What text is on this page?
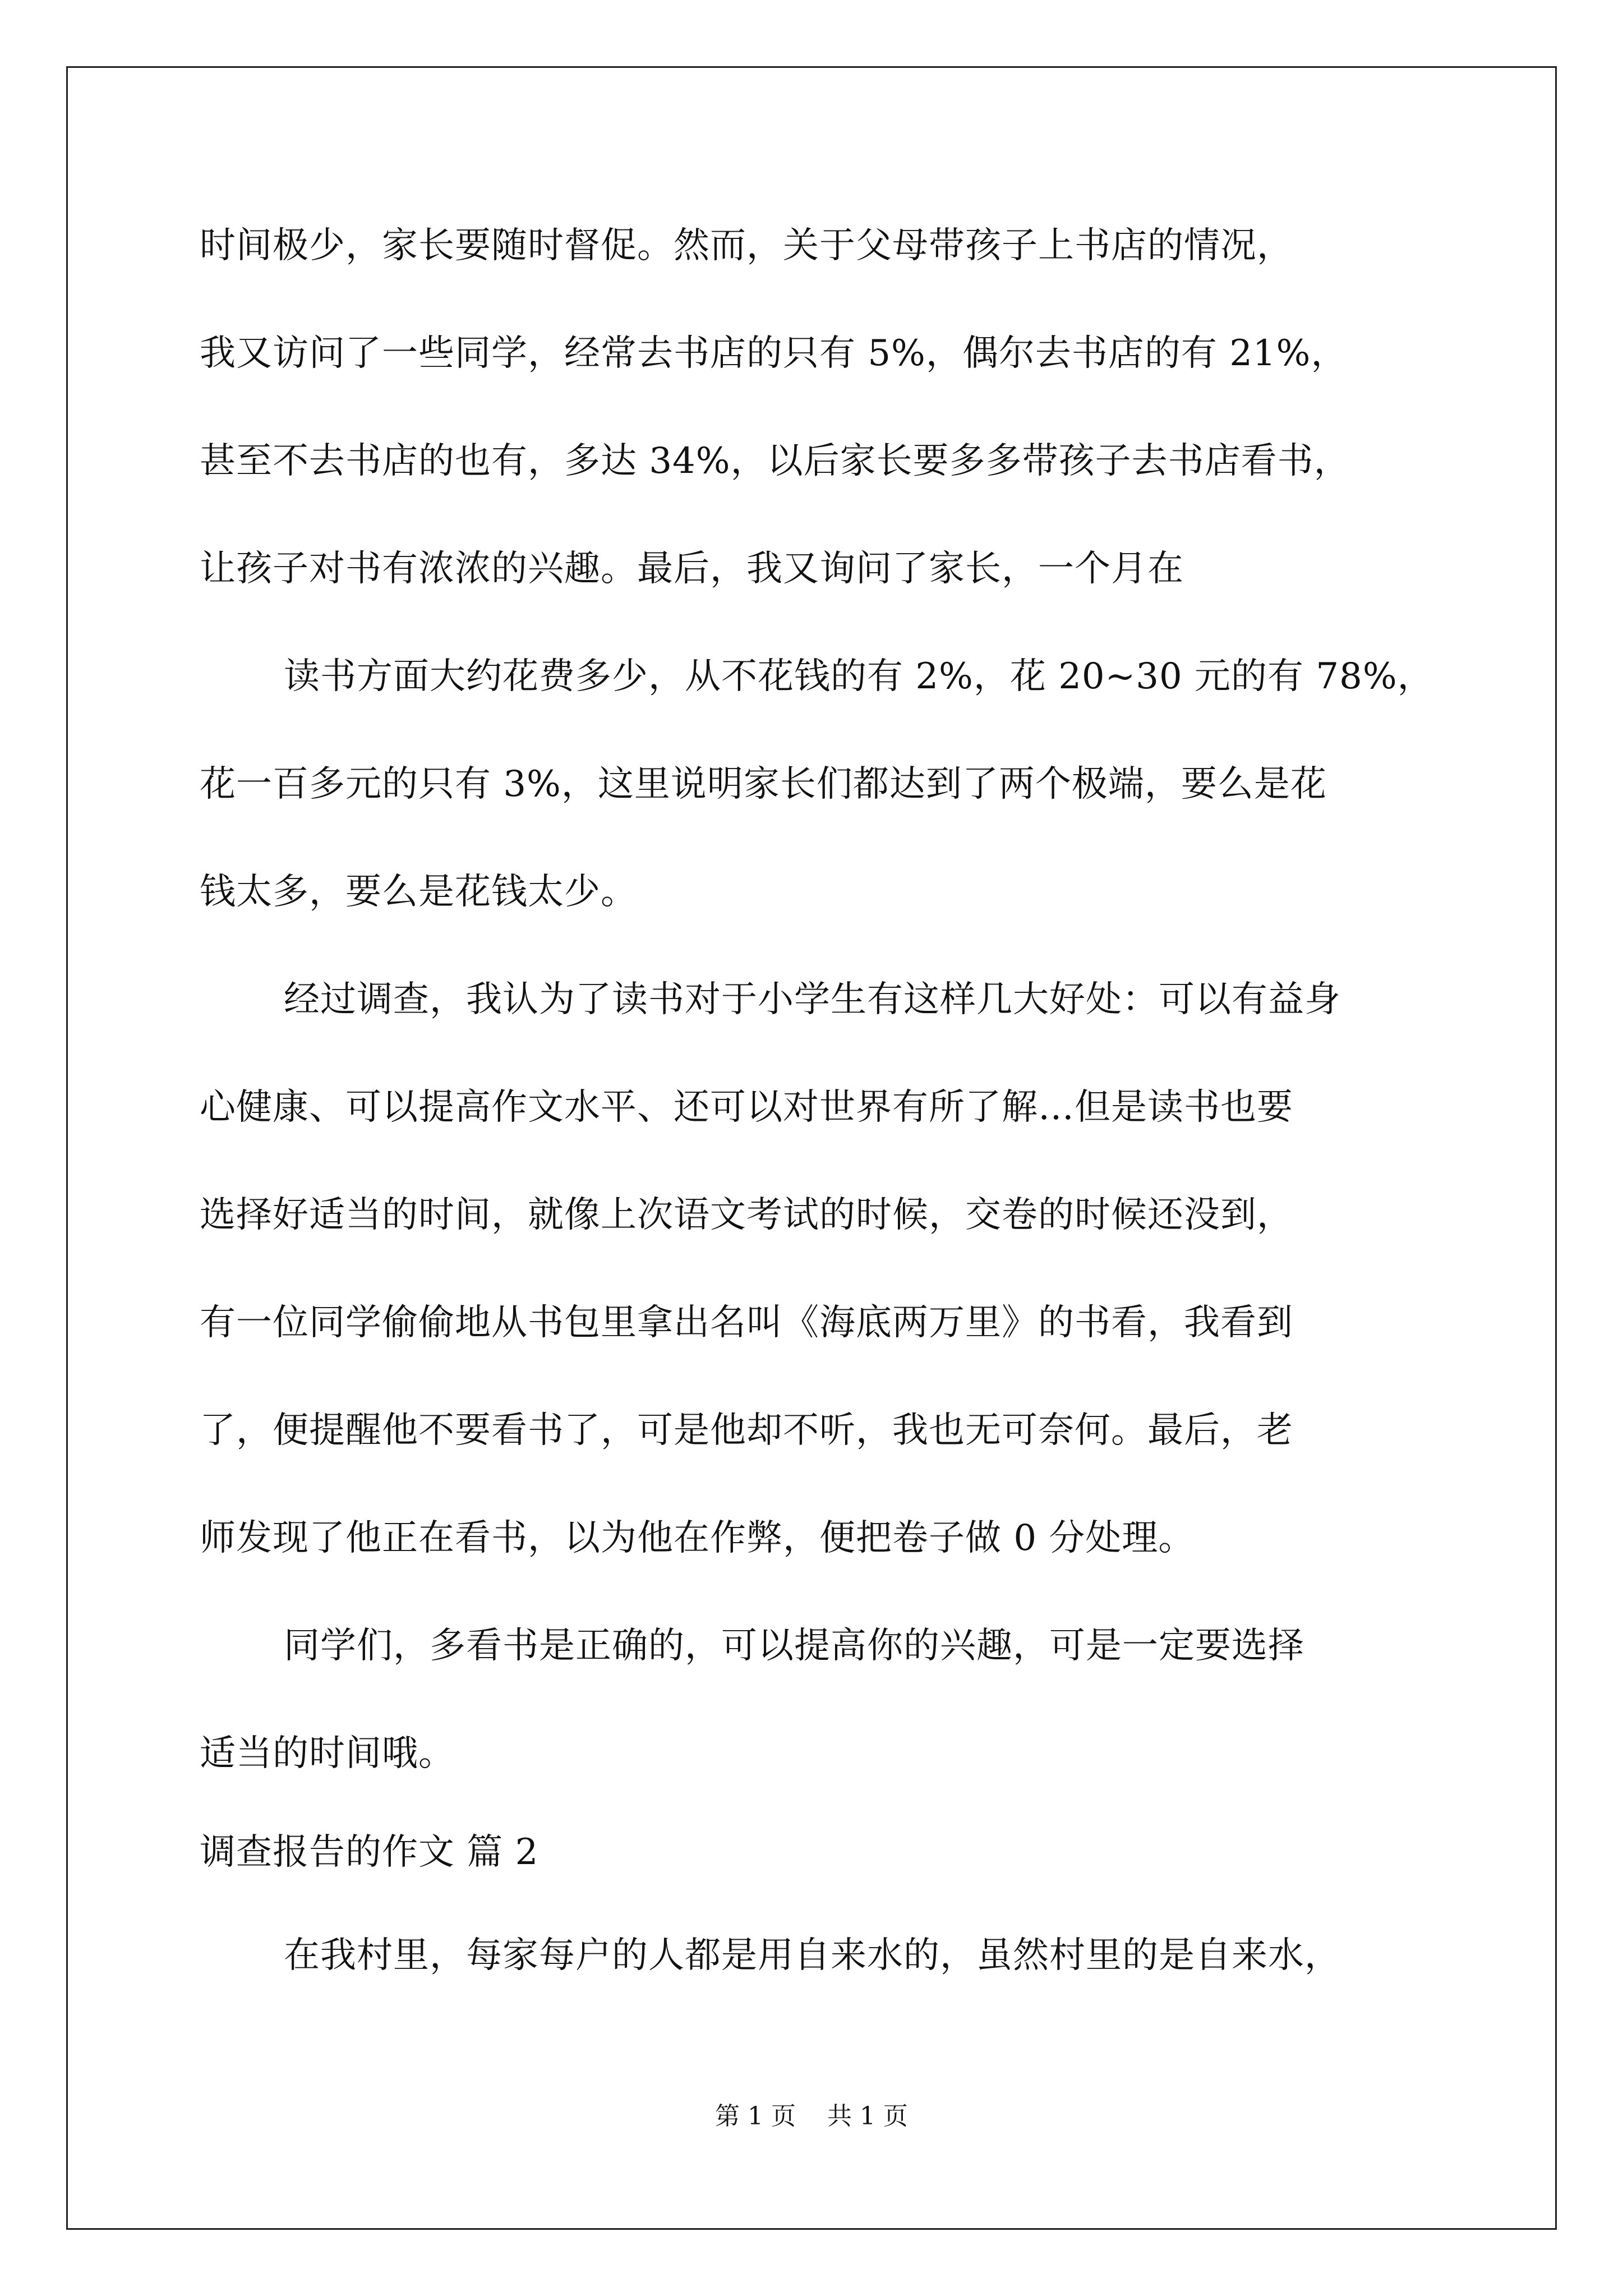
时间极少，家长要随时督促。然而，关于父母带孩子上书店的情况，
我又访问了一些同学，经常去书店的只有 5%，偶尔去书店的有 21%，
甚至不去书店的也有，多达 34%，以后家长要多多带孩子去书店看书，
让孩子对书有浓浓的兴趣。最后，我又询问了家长，一个月在
读书方面大约花费多少，从不花钱的有 2%，花 20~30 元的有 78%，
花一百多元的只有 3%，这里说明家长们都达到了两个极端，要么是花
钱太多，要么是花钱太少。
经过调查，我认为了读书对于小学生有这样几大好处：可以有益身
心健康、可以提高作文水平、还可以对世界有所了解…但是读书也要
选择好适当的时间，就像上次语文考试的时候，交卷的时候还没到，
有一位同学偷偷地从书包里拿出名叫《海底两万里》的书看，我看到
了，便提醒他不要看书了，可是他却不听，我也无可奈何。最后，老
师发现了他正在看书，以为他在作弊，便把卷子做 0 分处理。
同学们，多看书是正确的，可以提高你的兴趣，可是一定要选择
适当的时间哦。
调查报告的作文 篇 2
在我村里，每家每户的人都是用自来水的，虽然村里的是自来水，
第 1 页    共 1 页
